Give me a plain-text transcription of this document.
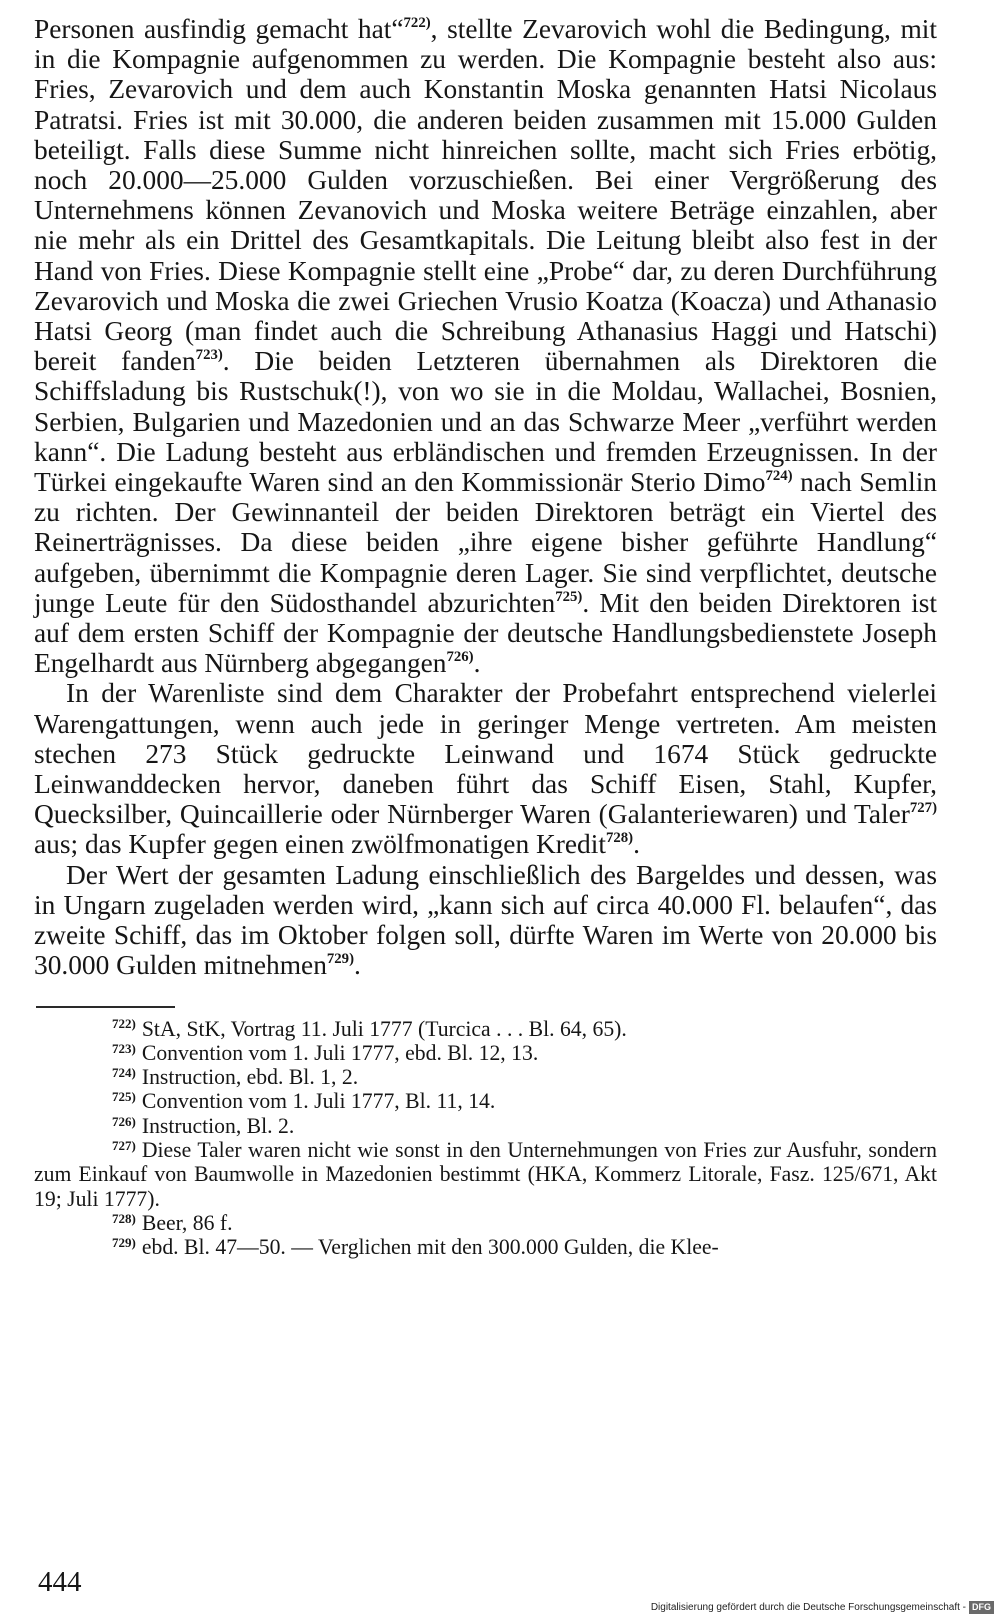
Personen ausfindig gemacht hat“$^{722)}$, stellte Zevarovich wohl die Bedingung, mit in die Kompagnie aufgenommen zu werden. Die Kompagnie besteht also aus: Fries, Zevarovich und dem auch Konstantin Moska genannten Hatsi Nicolaus Patratsi. Fries ist mit 30.000, die anderen beiden zusammen mit 15.000 Gulden beteiligt. Falls diese Summe nicht hinreichen sollte, macht sich Fries erbötig, noch 20.000—25.000 Gulden vorzuschießen. Bei einer Vergrößerung des Unternehmens können Zevanovich und Moska weitere Beträge einzahlen, aber nie mehr als ein Drittel des Gesamtkapitals. Die Leitung bleibt also fest in der Hand von Fries. Diese Kompagnie stellt eine „Probe“ dar, zu deren Durchführung Zevarovich und Moska die zwei Griechen Vrusio Koatza (Koacza) und Athanasio Hatsi Georg (man findet auch die Schreibung Athanasius Haggi und Hatschi) bereit fanden$^{723)}$. Die beiden Letzteren übernahmen als Direktoren die Schiffsladung bis Rustschuk(!), von wo sie in die Moldau, Wallachei, Bosnien, Serbien, Bulgarien und Mazedonien und an das Schwarze Meer „verführt werden kann“. Die Ladung besteht aus erbländischen und fremden Erzeugnissen. In der Türkei eingekaufte Waren sind an den Kommissionär Sterio Dimo$^{724)}$ nach Semlin zu richten. Der Gewinnanteil der beiden Direktoren beträgt ein Viertel des Reinerträgnisses. Da diese beiden „ihre eigene bisher geführte Handlung“ aufgeben, übernimmt die Kompagnie deren Lager. Sie sind verpflichtet, deutsche junge Leute für den Südosthandel abzurichten$^{725)}$. Mit den beiden Direktoren ist auf dem ersten Schiff der Kompagnie der deutsche Handlungsbedienstete Joseph Engelhardt aus Nürnberg abgegangen$^{726)}$.

In der Warenliste sind dem Charakter der Probefahrt entsprechend vielerlei Warengattungen, wenn auch jede in geringer Menge vertreten. Am meisten stechen 273 Stück gedruckte Leinwand und 1674 Stück gedruckte Leinwanddecken hervor, daneben führt das Schiff Eisen, Stahl, Kupfer, Quecksilber, Quincaillerie oder Nürnberger Waren (Galanteriewaren) und Taler$^{727)}$ aus; das Kupfer gegen einen zwölfmonatigen Kredit$^{728)}$.

Der Wert der gesamten Ladung einschließlich des Bargeldes und dessen, was in Ungarn zugeladen werden wird, „kann sich auf circa 40.000 Fl. belaufen“, das zweite Schiff, das im Oktober folgen soll, dürfte Waren im Werte von 20.000 bis 30.000 Gulden mitnehmen$^{729)}$.

722) StA, StK, Vortrag 11. Juli 1777 (Turcica . . . Bl. 64, 65).

723) Convention vom 1. Juli 1777, ebd. Bl. 12, 13.

724) Instruction, ebd. Bl. 1, 2.

725) Convention vom 1. Juli 1777, Bl. 11, 14.

726) Instruction, Bl. 2.

727) Diese Taler waren nicht wie sonst in den Unternehmungen von Fries zur Ausfuhr, sondern zum Einkauf von Baumwolle in Mazedonien bestimmt (HKA, Kommerz Litorale, Fasz. 125/671, Akt 19; Juli 1777).

728) Beer, 86 f.

729) ebd. Bl. 47—50. — Verglichen mit den 300.000 Gulden, die Klee-

444
Digitalisierung gefördert durch die Deutsche Forschungsgemeinschaft - DFG
